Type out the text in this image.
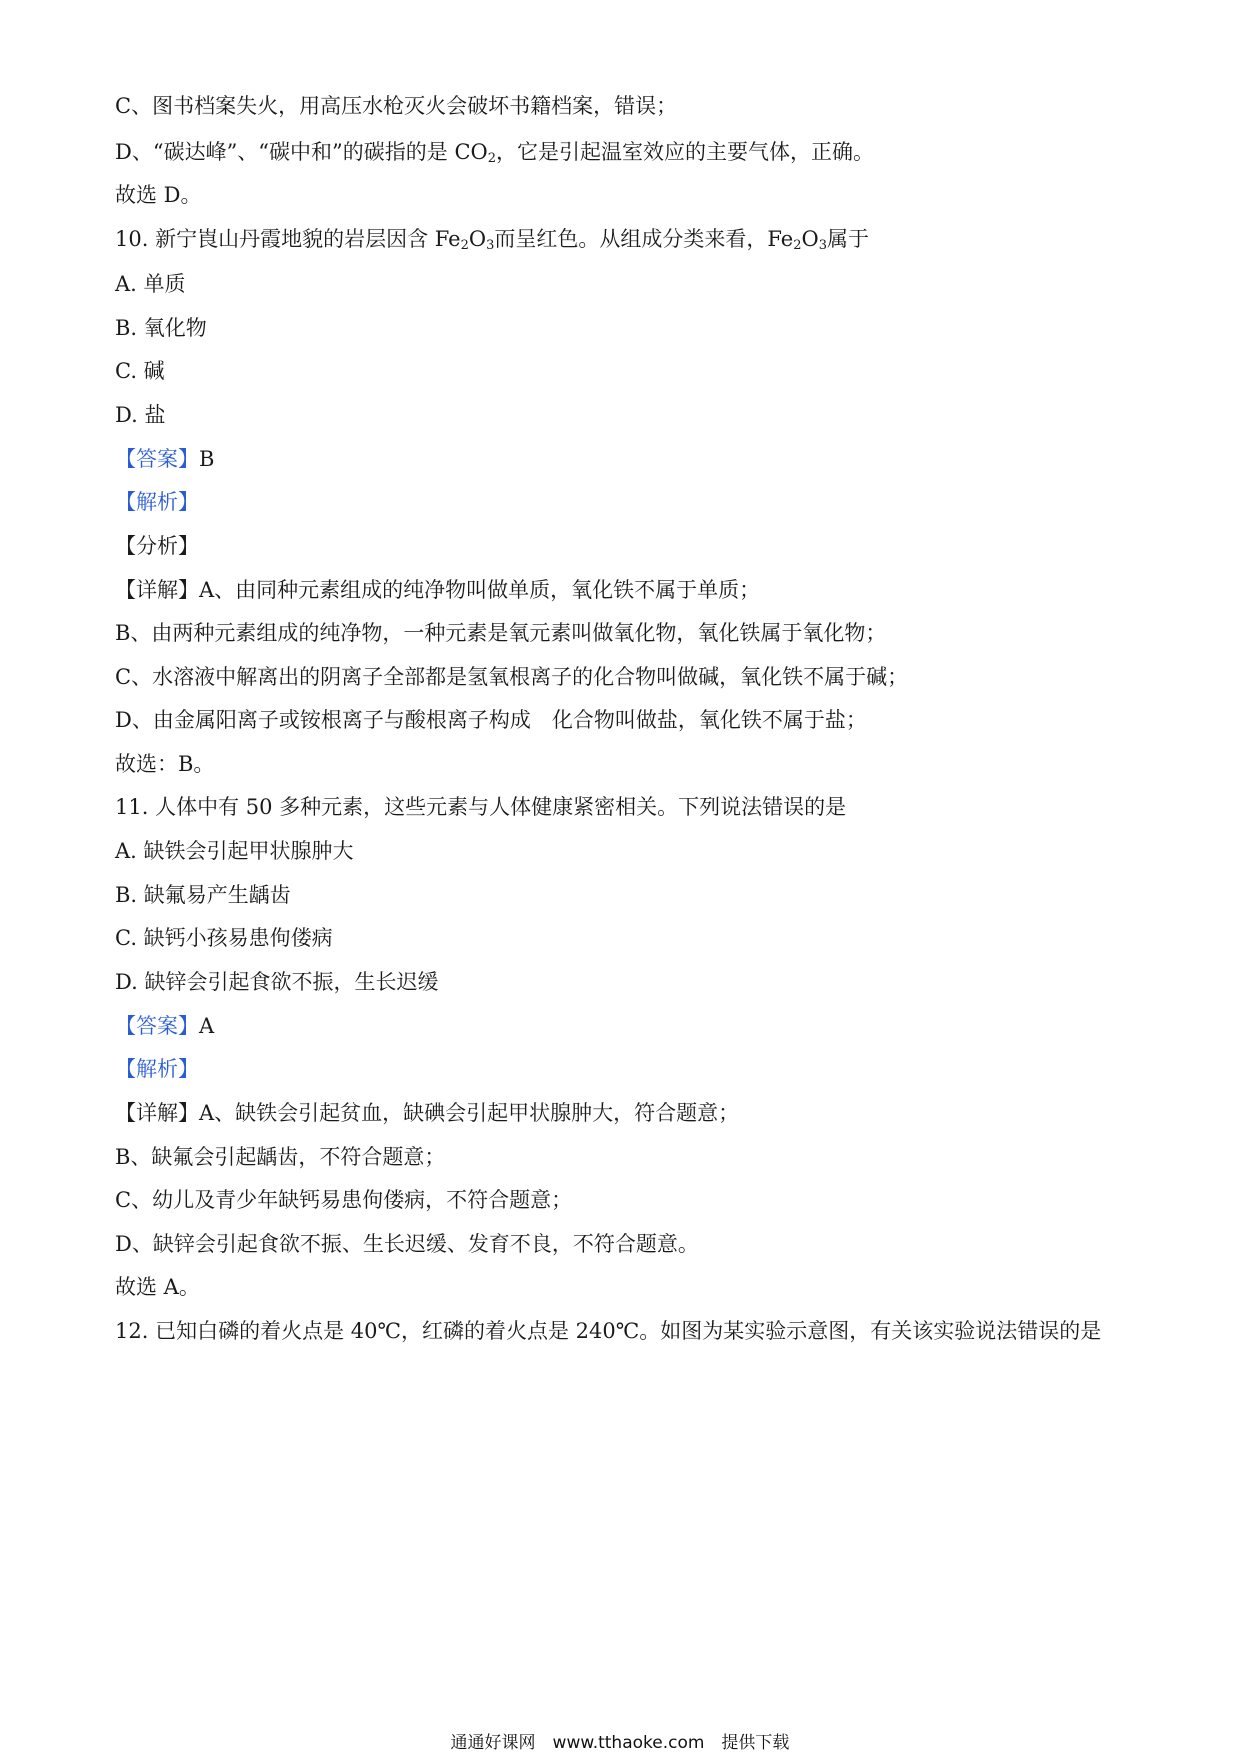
C、图书档案失火，用高压水枪灭火会破坏书籍档案，错误；
D、“碳达峰”、“碳中和”的碳指的是 $CO_2$，它是引起温室效应的主要气体，正确。
故选 D。
10. 新宁崀山丹霞地貌的岩层因含 $Fe_2O_3$而呈红色。从组成分类来看，$Fe_2O_3$属于
A. 单质
B. 氧化物
C. 碱
D. 盐
【答案】B
【解析】
【分析】
【详解】A、由同种元素组成的纯净物叫做单质，氧化铁不属于单质；
B、由两种元素组成的纯净物，一种元素是氧元素叫做氧化物，氧化铁属于氧化物；
C、水溶液中解离出的阴离子全部都是氢氧根离子的化合物叫做碱，氧化铁不属于碱；
D、由金属阳离子或铵根离子与酸根离子构成　化合物叫做盐，氧化铁不属于盐；
故选：B。
11. 人体中有 50 多种元素，这些元素与人体健康紧密相关。下列说法错误的是
A. 缺铁会引起甲状腺肿大
B. 缺氟易产生龋齿
C. 缺钙小孩易患佝偻病
D. 缺锌会引起食欲不振，生长迟缓
【答案】A
【解析】
【详解】A、缺铁会引起贫血，缺碘会引起甲状腺肿大，符合题意；
B、缺氟会引起龋齿，不符合题意；
C、幼儿及青少年缺钙易患佝偻病，不符合题意；
D、缺锌会引起食欲不振、生长迟缓、发育不良，不符合题意。
故选 A。
12. 已知白磷的着火点是 40℃，红磷的着火点是 240℃。如图为某实验示意图，有关该实验说法错误的是
通通好课网　www.tthaoke.com　提供下载
